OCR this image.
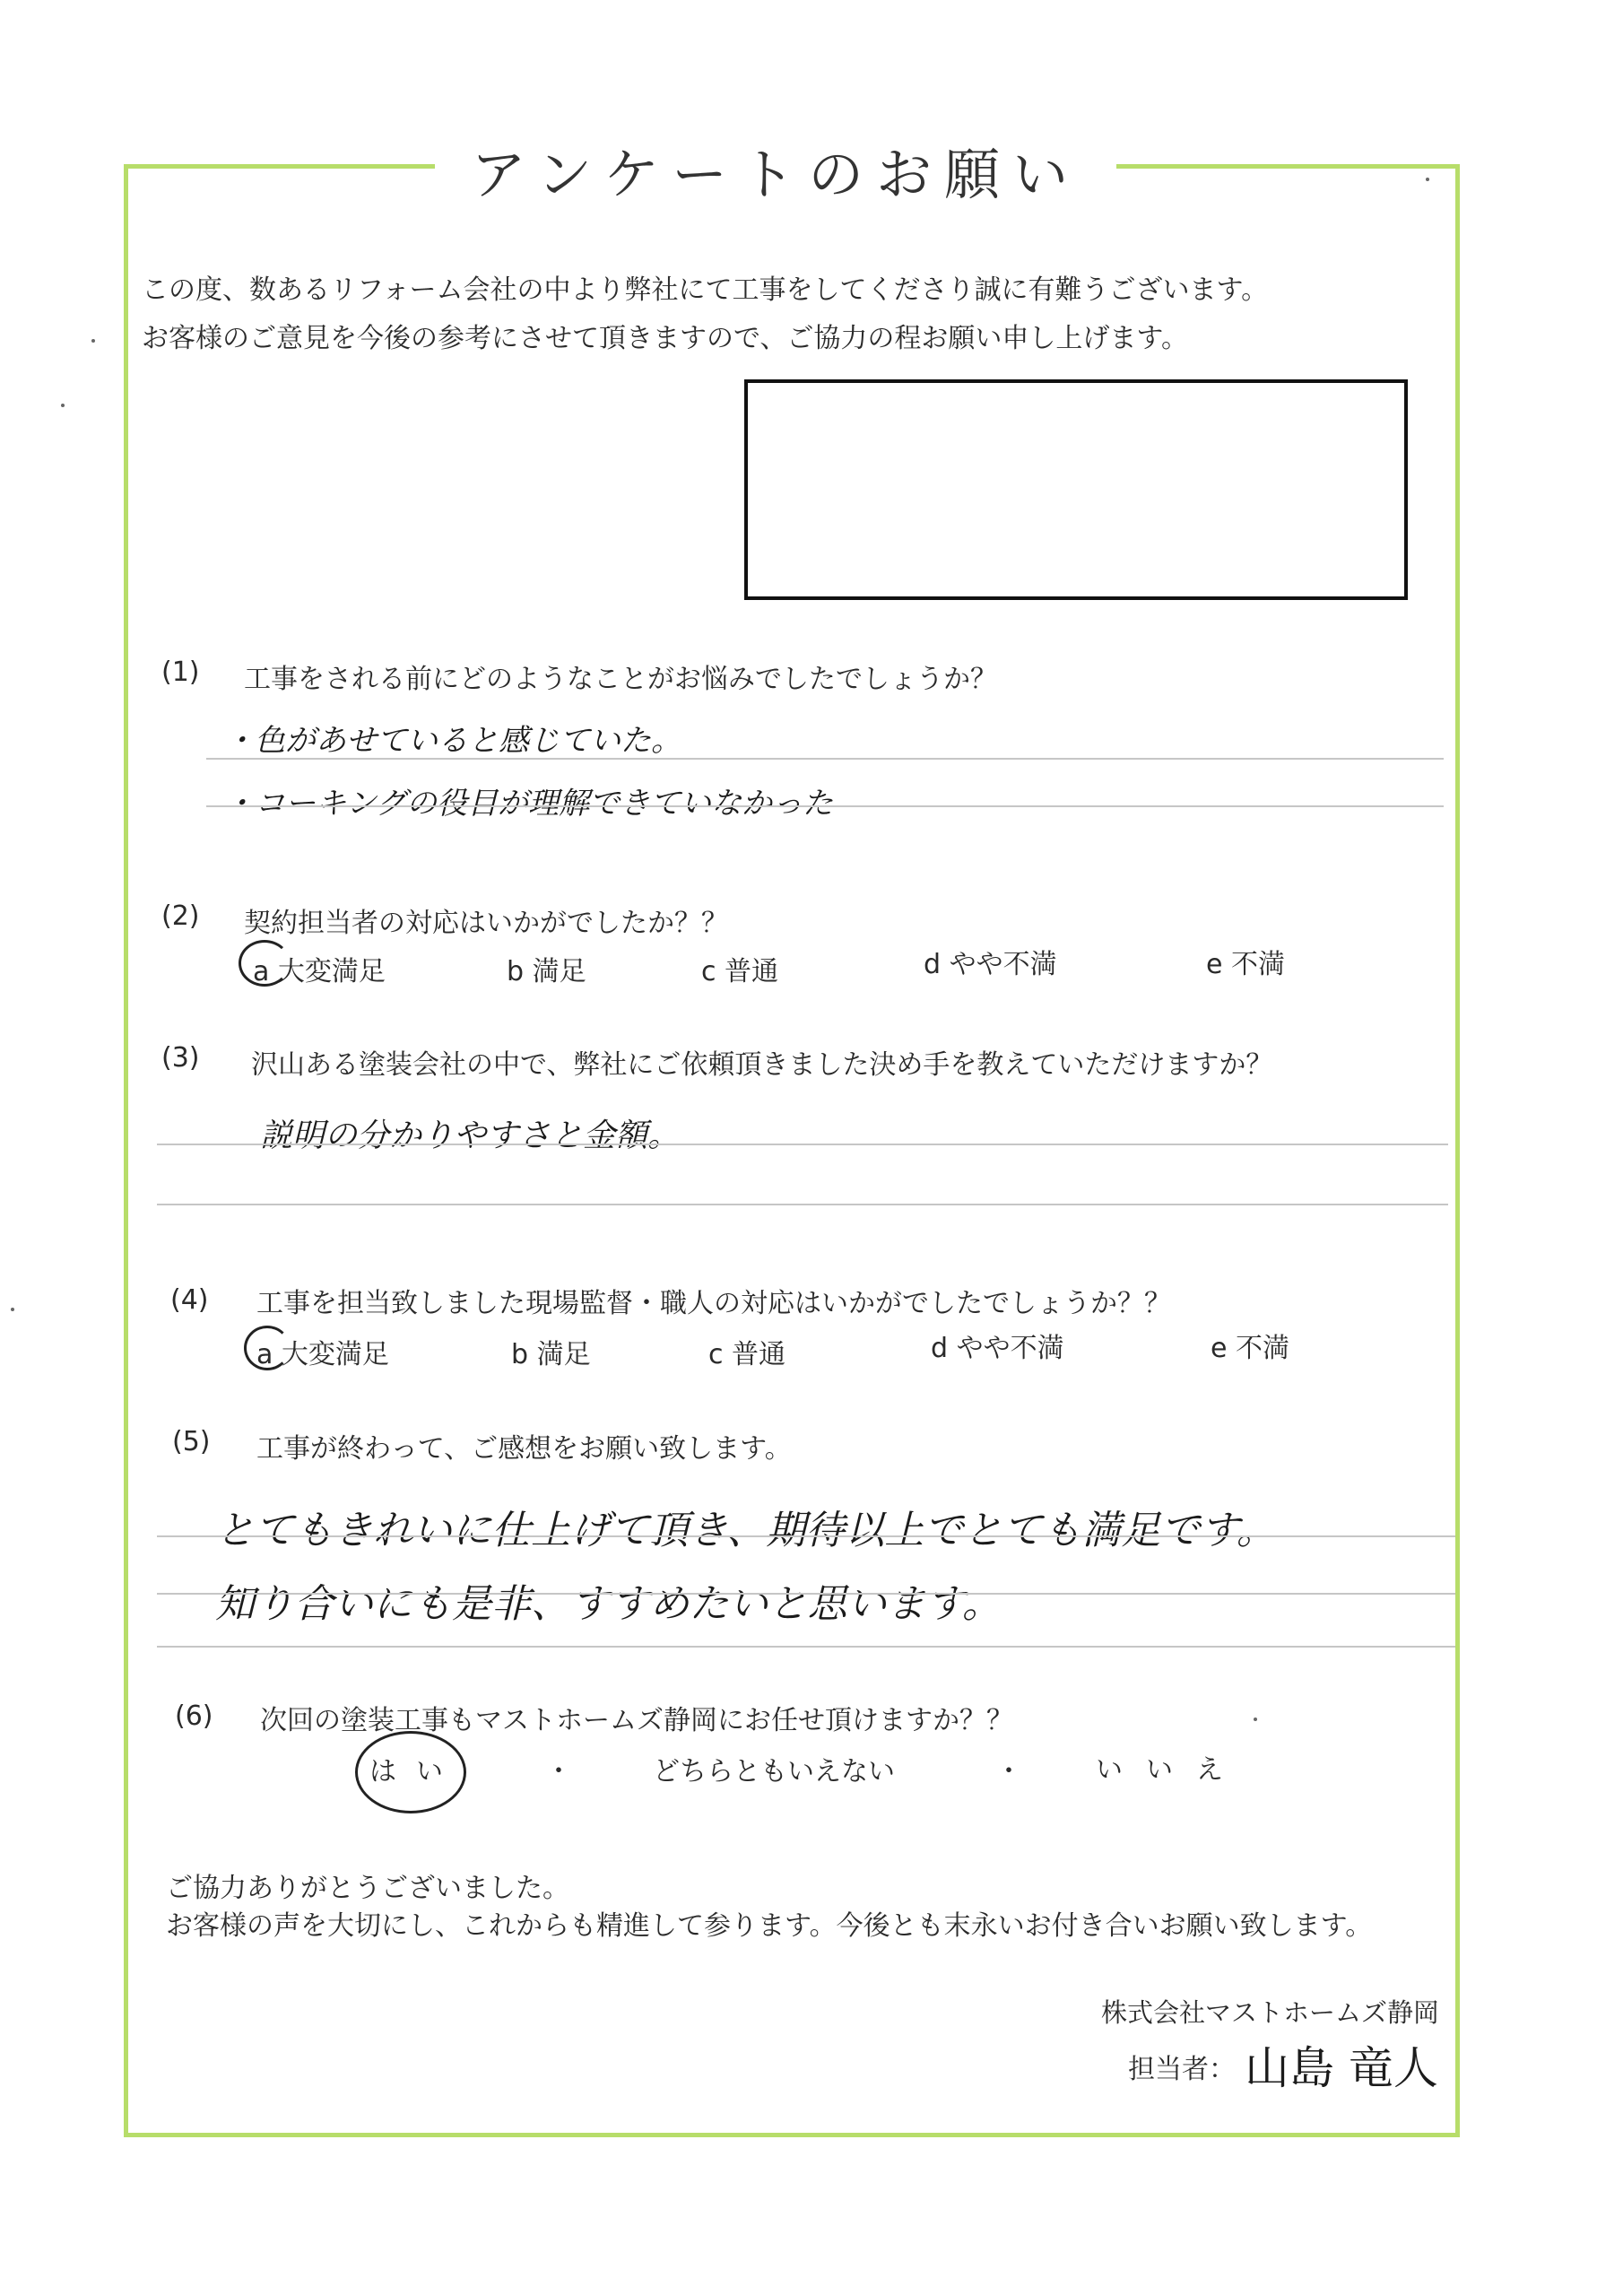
アンケートのお願い
この度、数あるリフォーム会社の中より弊社にて工事をしてくださり誠に有難うございます。
お客様のご意見を今後の参考にさせて頂きますので、ご協力の程お願い申し上げます。
(1) 工事をされる前にどのようなことがお悩みでしたでしょうか？
・色があせていると感じていた。
・コーキングの役目が理解できていなかった
(2) 契約担当者の対応はいかがでしたか？？
a 大変満足	b 満足	c 普通	d やや不満	e 不満
(3) 沢山ある塗装会社の中で、弊社にご依頼頂きました決め手を教えていただけますか？
説明の分かりやすさと金額。
(4) 工事を担当致しました現場監督・職人の対応はいかがでしたでしょうか？？
a 大変満足	b 満足	c 普通	d やや不満	e 不満
(5) 工事が終わって、ご感想をお願い致します。
とてもきれいに仕上げて頂き、期待以上でとても満足です。
知り合いにも是非、すすめたいと思います。
(6) 次回の塗装工事もマストホームズ静岡にお任せ頂けますか？？
はい	・	どちらともいえない	・	いいえ
ご協力ありがとうございました。
お客様の声を大切にし、これからも精進して参ります。今後とも末永いお付き合いお願い致します。
株式会社マストホームズ静岡
担当者： 山島 竜人
